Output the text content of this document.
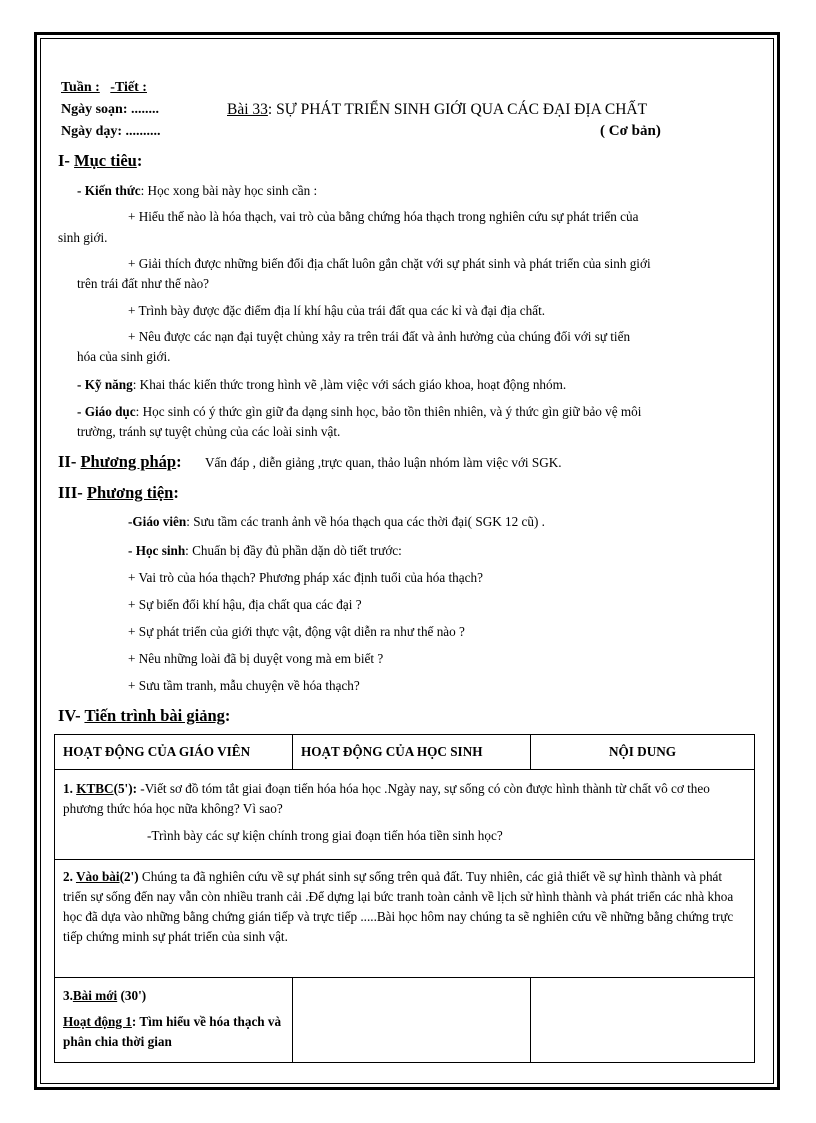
Tuần : -Tiết :
Ngày soạn: ........
Ngày dạy: ..........
Bài 33: SỰ PHÁT TRIỂN SINH GIỚI QUA CÁC ĐẠI ĐỊA CHẤT
( Cơ bản)
I- Mục tiêu:
- Kiến thức: Học xong bài này học sinh cần :
+ Hiểu thế nào là hóa thạch, vai trò của bằng chứng hóa thạch trong nghiên cứu sự phát triển của
sinh giới.
+ Giải thích được những biến đổi địa chất luôn gắn chặt với sự phát sinh và phát triển của sinh giới
trên trái đất như thế nào?
+ Trình bày được đặc điểm địa lí khí hậu của trái đất qua các kỉ và đại địa chất.
+ Nêu được các nạn đại tuyệt chủng xảy ra trên trái đất và ảnh hưởng của chúng đối với sự tiến
hóa của sinh giới.
- Kỹ năng: Khai thác kiến thức trong hình vẽ ,làm việc với sách giáo khoa, hoạt động nhóm.
- Giáo dục: Học sinh có ý thức gìn giữ đa dạng sinh học, bảo tồn thiên nhiên, và ý thức gìn giữ bảo vệ môi
trường, tránh sự tuyệt chủng của các loài sinh vật.
II- Phương pháp: Vấn đáp , diễn giảng ,trực quan, thảo luận nhóm làm việc với SGK.
III- Phương tiện:
-Giáo viên: Sưu tầm các tranh ảnh về hóa thạch qua các thời đại( SGK 12 cũ) .
- Học sinh: Chuẩn bị đầy đủ phần dặn dò tiết trước:
+ Vai trò của hóa thạch? Phương pháp xác định tuổi của hóa thạch?
+ Sự biến đổi khí hậu, địa chất qua các đại ?
+ Sự phát triển của giới thực vật, động vật diễn ra như thế nào ?
+ Nêu những loài đã bị duyệt vong mà em biết ?
+ Sưu tầm tranh, mẫu chuyện về hóa thạch?
IV- Tiến trình bài giảng:
HOẠT ĐỘNG CỦA GIÁO VIÊN	HOẠT ĐỘNG CỦA HỌC SINH	NỘI DUNG

1. KTBC(5'): -Viết sơ đồ tóm tắt giai đoạn tiến hóa hóa học .Ngày nay, sự sống có còn được hình thành từ chất vô cơ theo phương thức hóa học nữa không? Vì sao?

-Trình bày các sự kiện chính trong giai đoạn tiến hóa tiền sinh học?		

2. Vào bài(2') Chúng ta đã nghiên cứu về sự phát sinh sự sống trên quả đất. Tuy nhiên, các giả thiết về sự hình thành và phát triển sự sống đến nay vẫn còn nhiều tranh cải .Để dựng lại bức tranh toàn cảnh về lịch sử hình thành và phát triển các nhà khoa học đã dựa vào những bằng chứng gián tiếp và trực tiếp .....Bài học hôm nay chúng ta sẽ nghiên cứu về những bằng chứng trực tiếp chứng minh sự phát triển của sinh vật.		

3.Bài mới (30')

Hoạt động 1: Tìm hiểu về hóa thạch và phân chia thời gian		
